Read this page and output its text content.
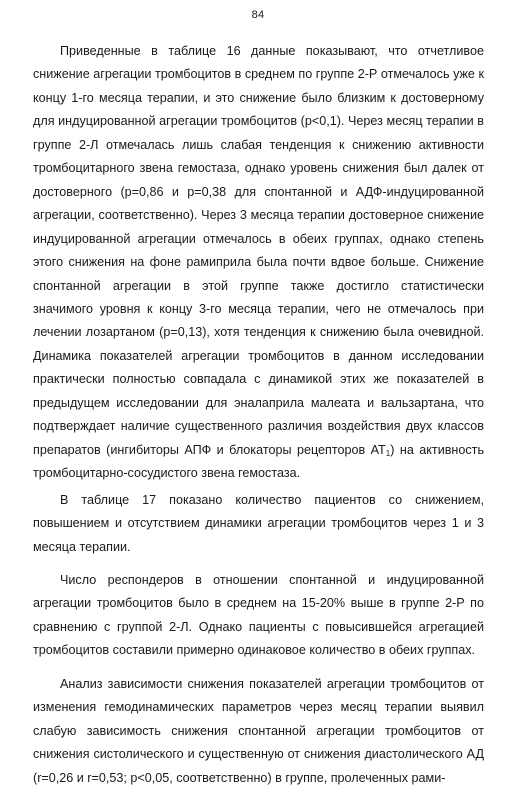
84

Приведенные в таблице 16 данные показывают, что отчетливое снижение агрегации тромбоцитов в среднем по группе 2-Р отмечалось уже к концу 1-го месяца терапии, и это снижение было близким к достоверному для индуцированной агрегации тромбоцитов (р<0,1). Через месяц терапии в группе 2-Л отмечалась лишь слабая тенденция к снижению активности тромбоцитарного звена гемостаза, однако уровень снижения был далек от достоверного (р=0,86 и р=0,38 для спонтанной и АДФ-индуцированной агрегации, соответственно). Через 3 месяца терапии достоверное снижение индуцированной агрегации отмечалось в обеих группах, однако степень этого снижения на фоне рамиприла была почти вдвое больше. Снижение спонтанной агрегации в этой группе также достигло статистически значимого уровня к концу 3-го месяца терапии, чего не отмечалось при лечении лозартаном (р=0,13), хотя тенденция к снижению была очевидной. Динамика показателей агрегации тромбоцитов в данном исследовании практически полностью совпадала с динамикой этих же показателей в предыдущем исследовании для эналаприла малеата и вальзартана, что подтверждает наличие существенного различия воздействия двух классов препаратов (ингибиторы АПФ и блокаторы рецепторов $АТ_1$) на активность тромбоцитарно-сосудистого звена гемостаза.

В таблице 17 показано количество пациентов со снижением, повышением и отсутствием динамики агрегации тромбоцитов через 1 и 3 месяца терапии.

Число респондеров в отношении спонтанной и индуцированной агрегации тромбоцитов было в среднем на 15-20% выше в группе 2-Р по сравнению с группой 2-Л. Однако пациенты с повысившейся агрегацией тромбоцитов составили примерно одинаковое количество в обеих группах.

Анализ зависимости снижения показателей агрегации тромбоцитов от изменения гемодинамических параметров через месяц терапии выявил слабую зависимость снижения спонтанной агрегации тромбоцитов от снижения систолического и существенную от снижения диастолического АД (r=0,26 и r=0,53; р<0,05, соответственно) в группе, пролеченных рами-
